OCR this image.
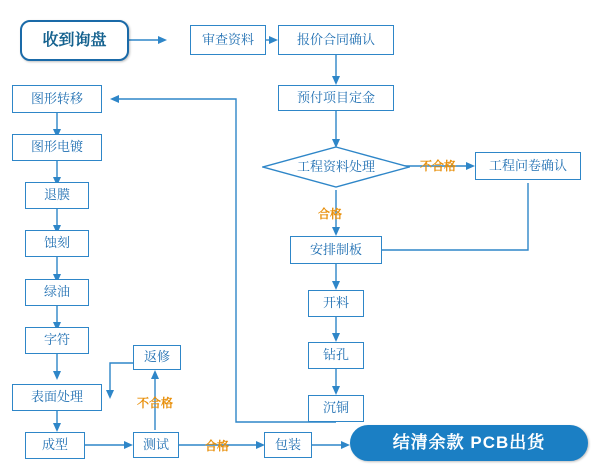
收到询盘	审查资料	报价合同确认
预付项目定金
工程资料处理	工程问卷确认
安排制板
开料
钻孔
沉铜
图形转移
图形电镀
退膜
蚀刻
绿油
字符
表面处理
成型
返修
测试	包装	结清余款 PCB出货
不合格
合格
不合格
合格
